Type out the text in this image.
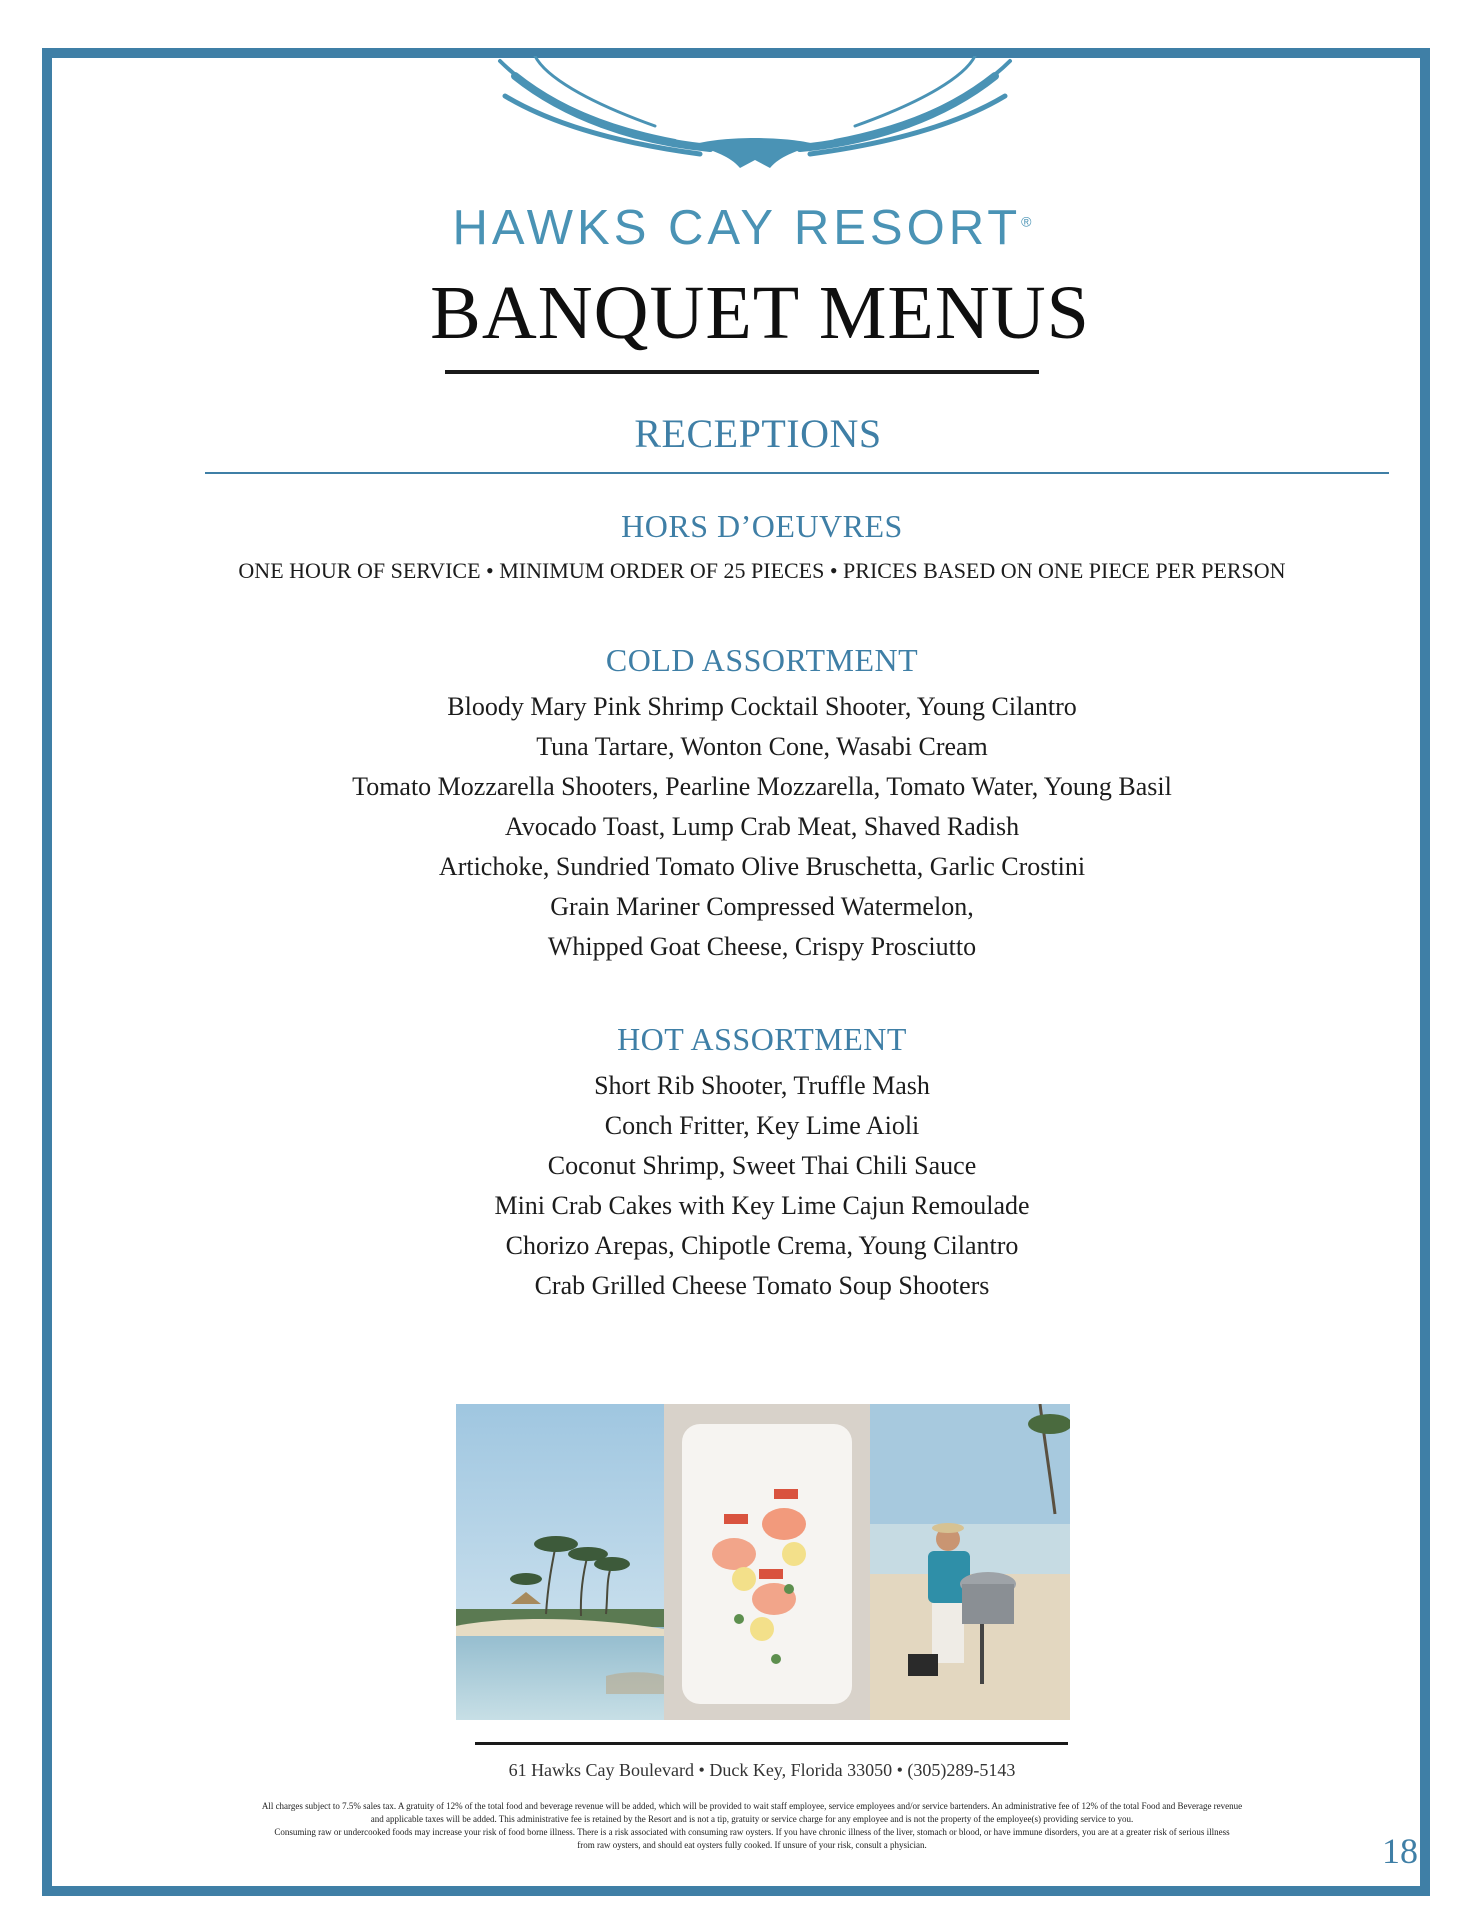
HAWKS CAY RESORT®
BANQUET MENUS
RECEPTIONS
HORS D’OEUVRES
ONE HOUR OF SERVICE • MINIMUM ORDER OF 25 PIECES • PRICES BASED ON ONE PIECE PER PERSON
COLD ASSORTMENT
Bloody Mary Pink Shrimp Cocktail Shooter, Young Cilantro
Tuna Tartare, Wonton Cone, Wasabi Cream
Tomato Mozzarella Shooters, Pearline Mozzarella, Tomato Water, Young Basil
Avocado Toast, Lump Crab Meat, Shaved Radish
Artichoke, Sundried Tomato Olive Bruschetta, Garlic Crostini
Grain Mariner Compressed Watermelon,
Whipped Goat Cheese, Crispy Prosciutto
HOT ASSORTMENT
Short Rib Shooter, Truffle Mash
Conch Fritter, Key Lime Aioli
Coconut Shrimp, Sweet Thai Chili Sauce
Mini Crab Cakes with Key Lime Cajun Remoulade
Chorizo Arepas, Chipotle Crema, Young Cilantro
Crab Grilled Cheese Tomato Soup Shooters
61 Hawks Cay Boulevard • Duck Key, Florida 33050 • (305)289-5143

All charges subject to 7.5% sales tax. A gratuity of 12% of the total food and beverage revenue will be added, which will be provided to wait staff employee, service employees and/or service bartenders. An administrative fee of 12% of the total Food and Beverage revenue

and applicable taxes will be added. This administrative fee is retained by the Resort and is not a tip, gratuity or service charge for any employee and is not the property of the employee(s) providing service to you.

Consuming raw or undercooked foods may increase your risk of food borne illness. There is a risk associated with consuming raw oysters. If you have chronic illness of the liver, stomach or blood, or have immune disorders, you are at a greater risk of serious illness

from raw oysters, and should eat oysters fully cooked. If unsure of your risk, consult a physician.	18
